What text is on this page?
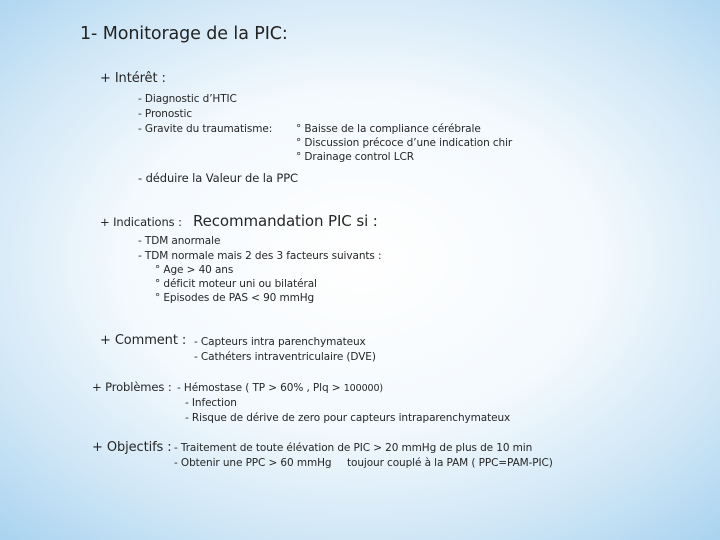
1- Monitorage de la PIC:
+ Intérêt :
- Diagnostic d’HTIC
- Pronostic
- Gravite du traumatisme: ° Baisse de la compliance cérébrale
° Discussion précoce d’une indication chir
° Drainage control LCR
- déduire la Valeur de la PPC
+ Indications : Recommandation PIC si :
- TDM anormale
- TDM normale mais 2 des 3 facteurs suivants :
° Age > 40 ans
° déficit moteur uni ou bilatéral
° Episodes de PAS < 90 mmHg
+ Comment : - Capteurs intra parenchymateux
- Cathéters intraventriculaire (DVE)
+ Problèmes : - Hémostase ( TP > 60% , Plq > 100000)
- Infection
- Risque de dérive de zero pour capteurs intraparenchymateux
+ Objectifs : - Traitement de toute élévation de PIC > 20 mmHg de plus de 10 min
- Obtenir une PPC > 60 mmHg toujour couplé à la PAM ( PPC=PAM-PIC)
